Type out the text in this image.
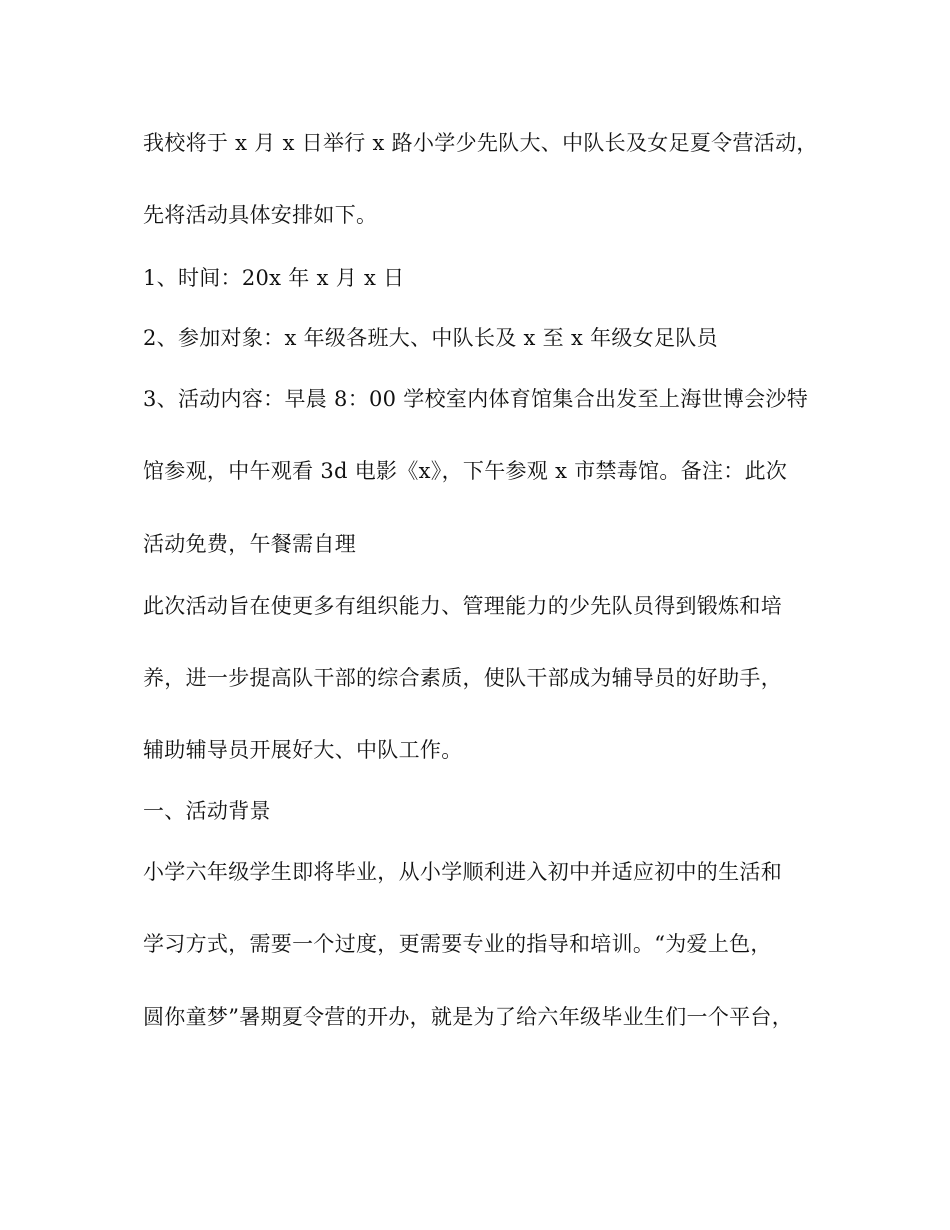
我校将于 x 月 x 日举行 x 路小学少先队大、中队长及女足夏令营活动，

先将活动具体安排如下。

1、时间：20x 年 x 月 x 日

2、参加对象：x 年级各班大、中队长及 x 至 x 年级女足队员

3、活动内容：早晨 8：00 学校室内体育馆集合出发至上海世博会沙特

馆参观，中午观看 3d 电影《x》，下午参观 x 市禁毒馆。备注：此次

活动免费，午餐需自理

此次活动旨在使更多有组织能力、管理能力的少先队员得到锻炼和培

养，进一步提高队干部的综合素质，使队干部成为辅导员的好助手，

辅助辅导员开展好大、中队工作。

一、活动背景

小学六年级学生即将毕业，从小学顺利进入初中并适应初中的生活和

学习方式，需要一个过度，更需要专业的指导和培训。“为爱上色，

圆你童梦”暑期夏令营的开办，就是为了给六年级毕业生们一个平台，
